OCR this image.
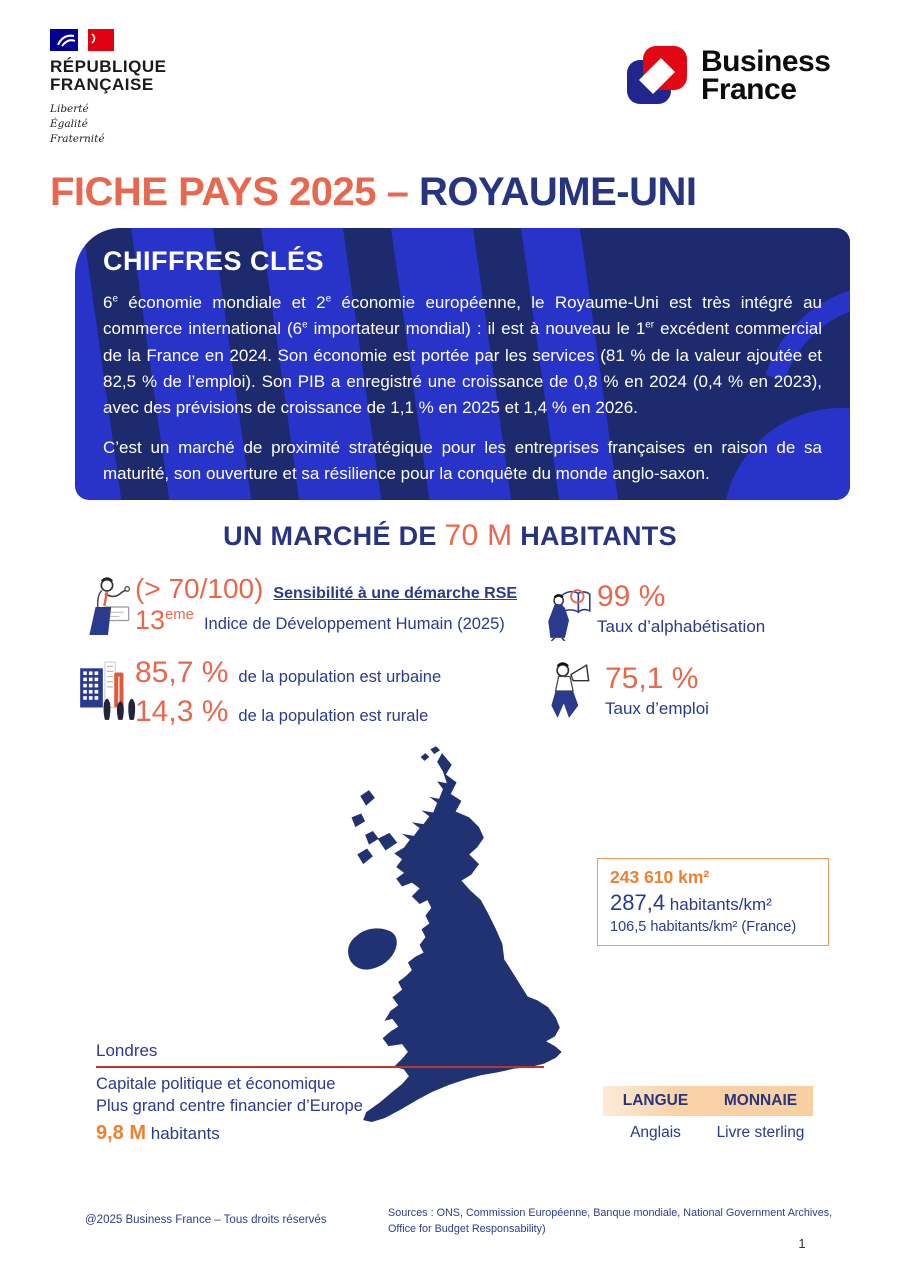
RÉPUBLIQUE
FRANÇAISE
Liberté
Égalité
Fraternité
Business
France
FICHE PAYS 2025 – ROYAUME-UNI
CHIFFRES CLÉS

6e économie mondiale et 2e économie européenne, le Royaume-Uni est très intégré au commerce international (6e importateur mondial) : il est à nouveau le 1er excédent commercial de la France en 2024. Son économie est portée par les services (81 % de la valeur ajoutée et 82,5 % de l’emploi). Son PIB a enregistré une croissance de 0,8 % en 2024 (0,4 % en 2023), avec des prévisions de croissance de 1,1 % en 2025 et 1,4 % en 2026.

C’est un marché de proximité stratégique pour les entreprises françaises en raison de sa maturité, son ouverture et sa résilience pour la conquête du monde anglo-saxon.

UN MARCHÉ DE 70 M HABITANTS
(> 70/100) Sensibilité à une démarche RSE
13eme Indice de Développement Humain (2025)
99 %
Taux d’alphabétisation
85,7 % de la population est urbaine
14,3 % de la population est rurale
75,1 %
Taux d’emploi
Londres
Capitale politique et économique
Plus grand centre financier d’Europe
9,8 M habitants
243 610 km²
287,4 habitants/km²
106,5 habitants/km² (France)
LANGUE	MONNAIE
Anglais	Livre sterling
@2025 Business France – Tous droits réservés
Sources : ONS, Commission Européenne, Banque mondiale, National Government Archives, Office for Budget Responsability)
1
